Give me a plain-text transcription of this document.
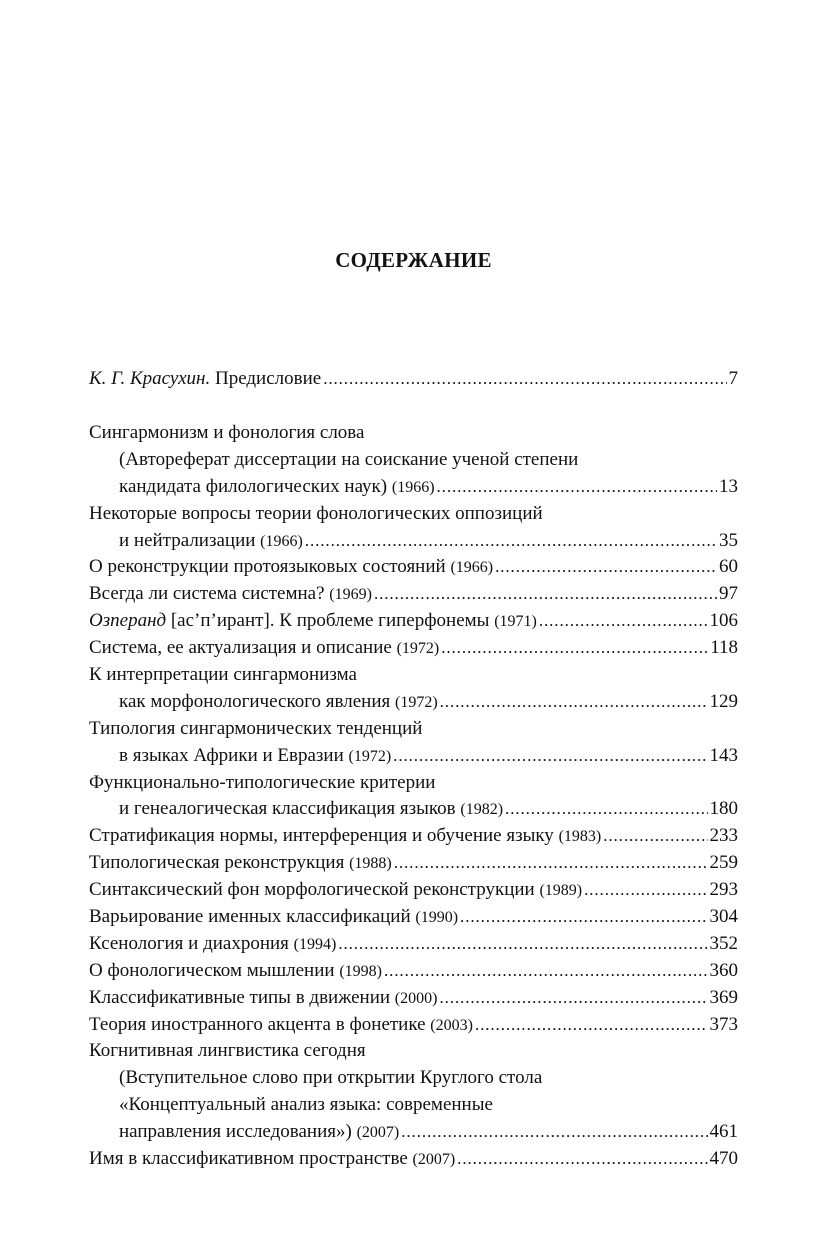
СОДЕРЖАНИЕ
К. Г. Красухин. Предисловие .....	7
Сингармонизм и фонология слова
(Автореферат диссертации на соискание ученой степени
кандидата филологических наук) (1966) .....	13
Некоторые вопросы теории фонологических оппозиций
и нейтрализации (1966) .....	35
О реконструкции протоязыковых состояний (1966) .....	60
Всегда ли система системна? (1969) .....	97
Озперанд [ас’п’ирант]. К проблеме гиперфонемы (1971) .....	106
Система, ее актуализация и описание (1972) .....	118
К интерпретации сингармонизма
как морфонологического явления (1972) .....	129
Типология сингармонических тенденций
в языках Африки и Евразии (1972) .....	143
Функционально-типологические критерии
и генеалогическая классификация языков (1982) .....	180
Стратификация нормы, интерференция и обучение языку (1983) .....	233
Типологическая реконструкция (1988) .....	259
Синтаксический фон морфологической реконструкции (1989) .....	293
Варьирование именных классификаций (1990) .....	304
Ксенология и диахрония (1994) .....	352
О фонологическом мышлении (1998) .....	360
Классификативные типы в движении (2000) .....	369
Теория иностранного акцента в фонетике (2003) .....	373
Когнитивная лингвистика сегодня
(Вступительное слово при открытии Круглого стола
«Концептуальный анализ языка: современные
направления исследования») (2007) .....	461
Имя в классификативном пространстве (2007) .....	470
